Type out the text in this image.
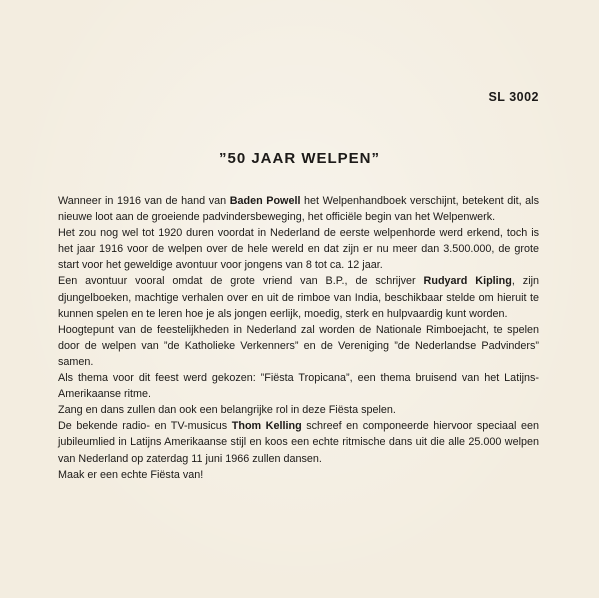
SL 3002
”50 JAAR WELPEN”

Wanneer in 1916 van de hand van Baden Powell het Welpenhandboek verschijnt, betekent dit, als nieuwe loot aan de groeiende padvindersbeweging, het officiële begin van het Welpenwerk.

Het zou nog wel tot 1920 duren voordat in Nederland de eerste welpenhorde werd erkend, toch is het jaar 1916 voor de welpen over de hele wereld en dat zijn er nu meer dan 3.500.000, de grote start voor het geweldige avontuur voor jongens van 8 tot ca. 12 jaar.

Een avontuur vooral omdat de grote vriend van B.P., de schrijver Rudyard Kipling, zijn djungelboeken, machtige verhalen over en uit de rimboe van India, beschikbaar stelde om hieruit te kunnen spelen en te leren hoe je als jongen eerlijk, moedig, sterk en hulpvaardig kunt worden.

Hoogtepunt van de feestelijkheden in Nederland zal worden de Nationale Rimboejacht, te spelen door de welpen van ”de Katholieke Verkenners” en de Vereniging ”de Nederlandse Padvinders” samen.

Als thema voor dit feest werd gekozen: ”Fiësta Tropicana”, een thema bruisend van het Latijns-Amerikaanse ritme.

Zang en dans zullen dan ook een belangrijke rol in deze Fiësta spelen.

De bekende radio- en TV-musicus Thom Kelling schreef en componeerde hiervoor speciaal een jubileumlied in Latijns Amerikaanse stijl en koos een echte ritmische dans uit die alle 25.000 welpen van Nederland op zaterdag 11 juni 1966 zullen dansen.

Maak er een echte Fiësta van!
